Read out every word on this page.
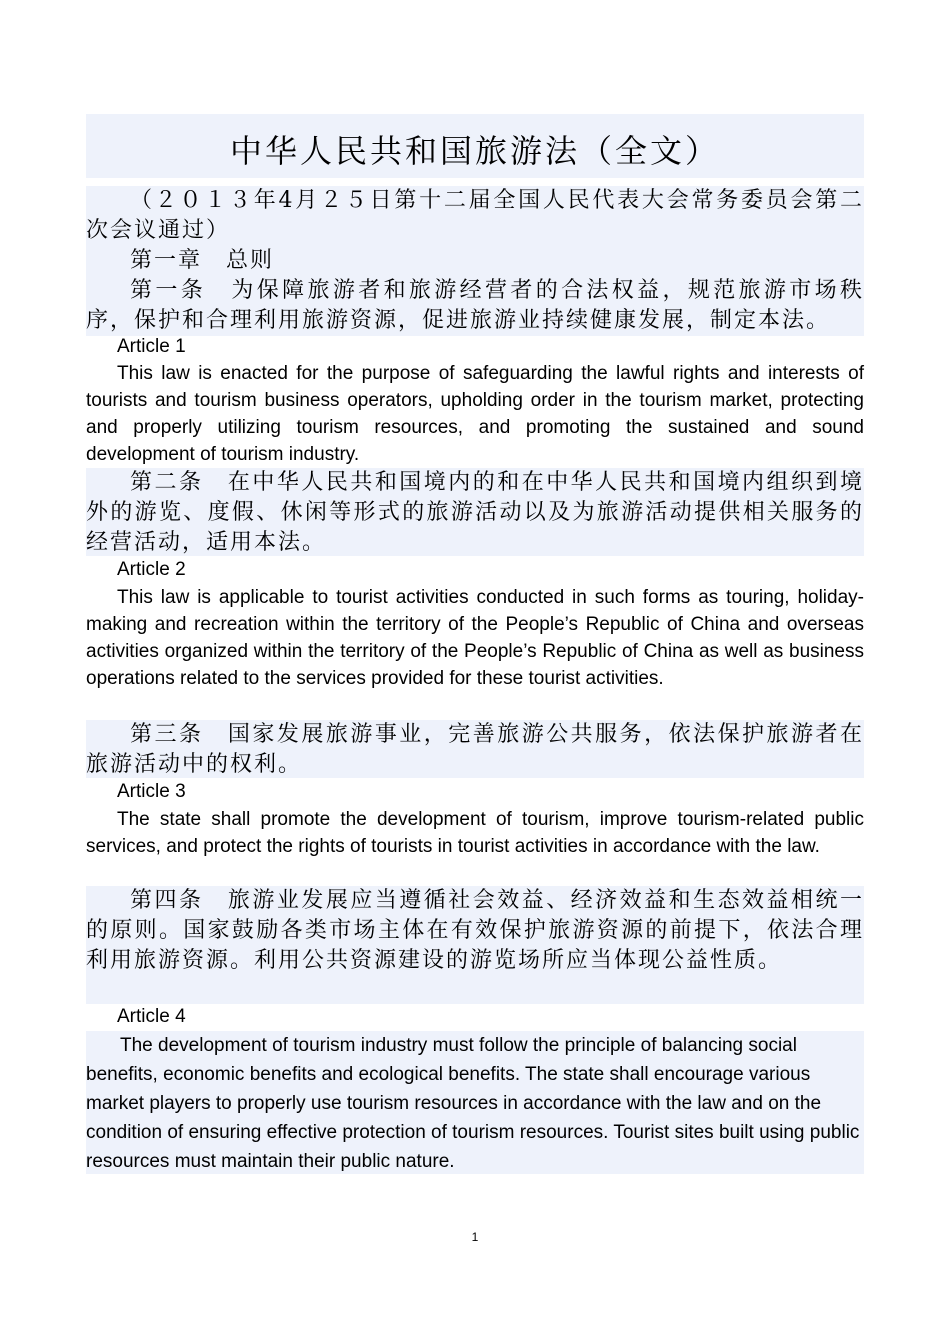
中华人民共和国旅游法（全文）

（２０１３年4月２５日第十二届全国人民代表大会常务委员会第二次会议通过）

第一章　总则

第一条　为保障旅游者和旅游经营者的合法权益，规范旅游市场秩序，保护和合理利用旅游资源，促进旅游业持续健康发展，制定本法。

Article 1

This law is enacted for the purpose of safeguarding the lawful rights and interests of tourists and tourism business operators, upholding order in the tourism market, protecting and properly utilizing tourism resources, and promoting the sustained and sound development of tourism industry.

第二条　在中华人民共和国境内的和在中华人民共和国境内组织到境外的游览、度假、休闲等形式的旅游活动以及为旅游活动提供相关服务的经营活动，适用本法。

Article 2

This law is applicable to tourist activities conducted in such forms as touring, holiday-making and recreation within the territory of the People’s Republic of China and overseas activities organized within the territory of the People’s Republic of China as well as business operations related to the services provided for these tourist activities.

第三条　国家发展旅游事业，完善旅游公共服务，依法保护旅游者在旅游活动中的权利。

Article 3

The state shall promote the development of tourism, improve tourism-related public services, and protect the rights of tourists in tourist activities in accordance with the law.

第四条　旅游业发展应当遵循社会效益、经济效益和生态效益相统一的原则。国家鼓励各类市场主体在有效保护旅游资源的前提下，依法合理利用旅游资源。利用公共资源建设的游览场所应当体现公益性质。

Article 4

The development of tourism industry must follow the principle of balancing social benefits, economic benefits and ecological benefits. The state shall encourage various market players to properly use tourism resources in accordance with the law and on the condition of ensuring effective protection of tourism resources. Tourist sites built using public resources must maintain their public nature.

1
